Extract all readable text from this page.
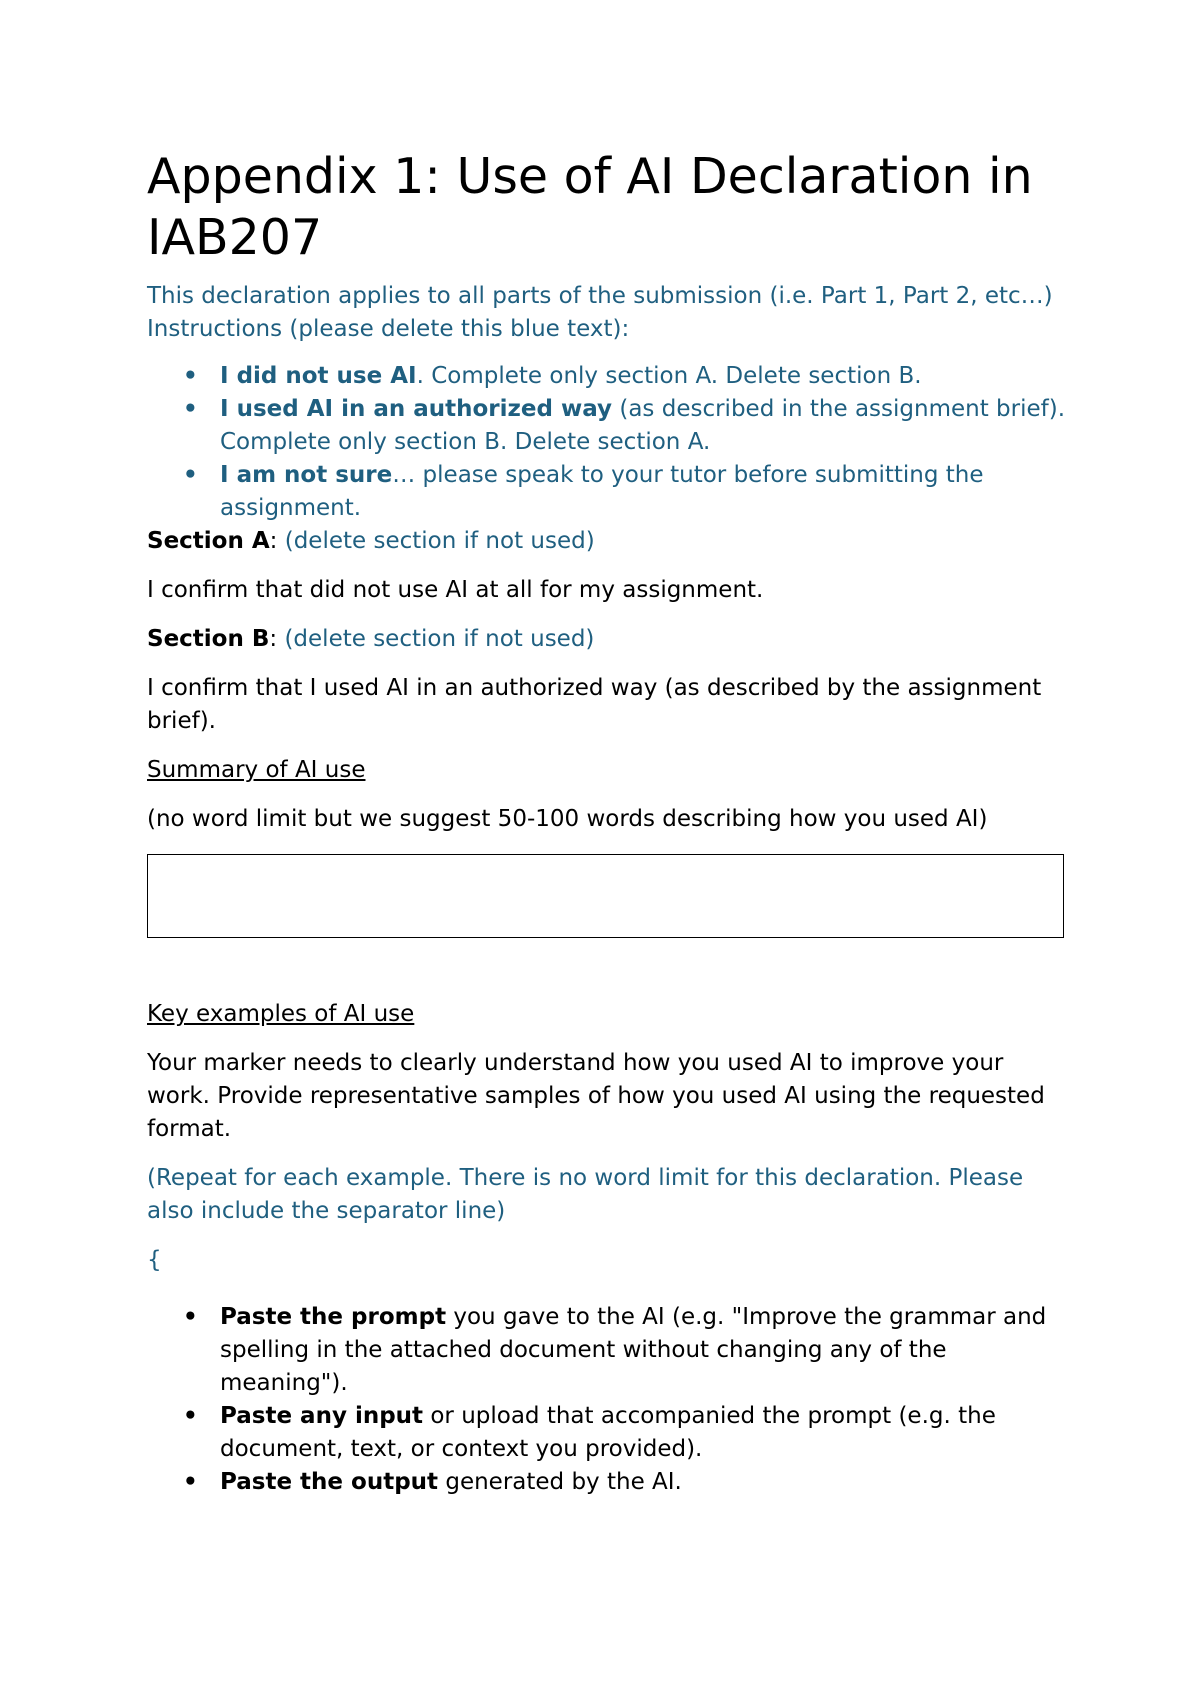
Appendix 1: Use of AI Declaration in IAB207

This declaration applies to all parts of the submission (i.e. Part 1, Part 2, etc…) Instructions (please delete this blue text):

• I did not use AI. Complete only section A. Delete section B.
• I used AI in an authorized way (as described in the assignment brief). Complete only section B. Delete section A.
• I am not sure… please speak to your tutor before submitting the assignment.

Section A: (delete section if not used)

I confirm that did not use AI at all for my assignment.

Section B: (delete section if not used)

I confirm that I used AI in an authorized way (as described by the assignment brief).

Summary of AI use

(no word limit but we suggest 50-100 words describing how you used AI)

Key examples of AI use

Your marker needs to clearly understand how you used AI to improve your work. Provide representative samples of how you used AI using the requested format.

(Repeat for each example. There is no word limit for this declaration. Please also include the separator line)

{

• Paste the prompt you gave to the AI (e.g. "Improve the grammar and spelling in the attached document without changing any of the meaning").
• Paste any input or upload that accompanied the prompt (e.g. the document, text, or context you provided).
• Paste the output generated by the AI.
